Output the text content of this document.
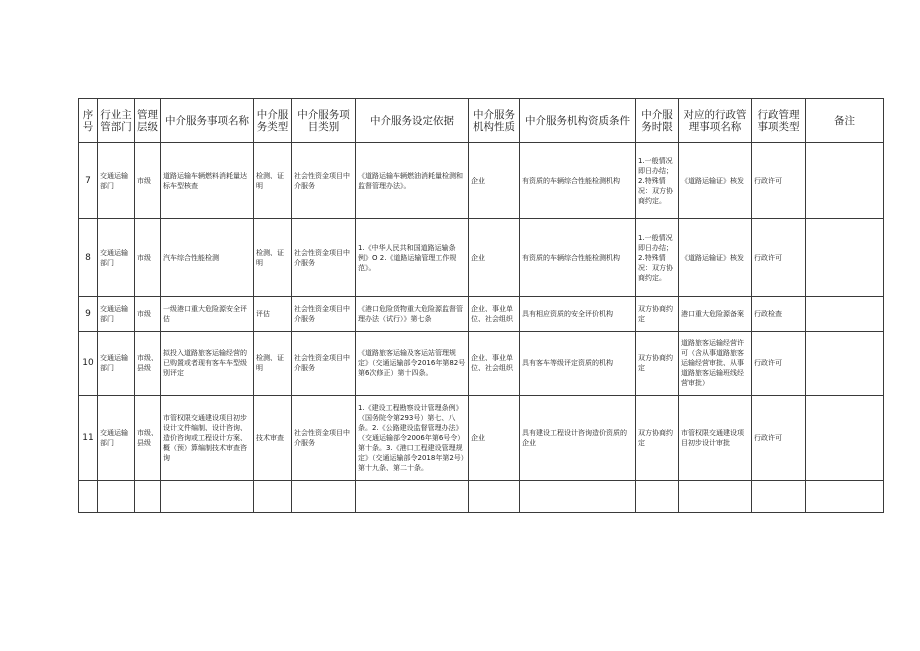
序号	行业主管部门	管理层级	中介服务事项名称	中介服务类型	中介服务项目类别	中介服务设定依据	中介服务机构性质	中介服务机构资质条件	中介服务时限	对应的行政管理事项名称	行政管理事项类型	备注
7	交通运输部门	市级	道路运输车辆燃料消耗量达标车型核查	检测、证明	社会性资金项目中介服务	《道路运输车辆燃油消耗量检测和监督管理办法》。	企业	有资质的车辆综合性能检测机构	1.一般情况即日办结；2.特殊情况：双方协商约定。	《道路运输证》核发	行政许可	
8	交通运输部门	市级	汽车综合性能检测	检测、证明	社会性资金项目中介服务	1.《中华人民共和国道路运输条例》O 2.《道路运输管理工作规范》。	企业	有资质的车辆综合性能检测机构	1.一般情况即日办结；2.特殊情况：双方协商约定。	《道路运输证》核发	行政许可	
9	交通运输部门	市级	一级港口重大危险源安全评估	评估	社会性资金项目中介服务	《港口危险货物重大危险源监督管理办法（试行）》第七条	企业、事业单位、社会组织	具有相应资质的安全评价机构	双方协商约定	港口重大危险源备案	行政检查	
10	交通运输部门	市级、县级	拟投入道路旅客运输经营的已购置或者现有客车车型级别评定	检测、证明	社会性资金项目中介服务	《道路旅客运输及客运站管理规定》（交通运输部令2016年第82号第6次修正）第十四条。	企业、事业单位、社会组织	具有客车等级评定资质的机构	双方协商约定	道路旅客运输经营许可（含从事道路旅客运输经营审批、从事道路旅客运输班线经营审批）	行政许可	
11	交通运输部门	市级、县级	市管权限交通建设项目初步设计文件编制、设计咨询、造价咨询或工程设计方案、概（预）算编制技术审查咨询	技术审查	社会性资金项目中介服务	1.《建设工程勘察设计管理条例》（国务院令第293号）第七、八条。2.《公路建设监督管理办法》（交通运输部令2006年第6号令）第十条。3.《港口工程建设管理规定》（交通运输部令2018年第2号）第十九条、第二十条。	企业	具有建设工程设计咨询造价资质的企业	双方协商约定	市管权限交通建设项目初步设计审批	行政许可	
